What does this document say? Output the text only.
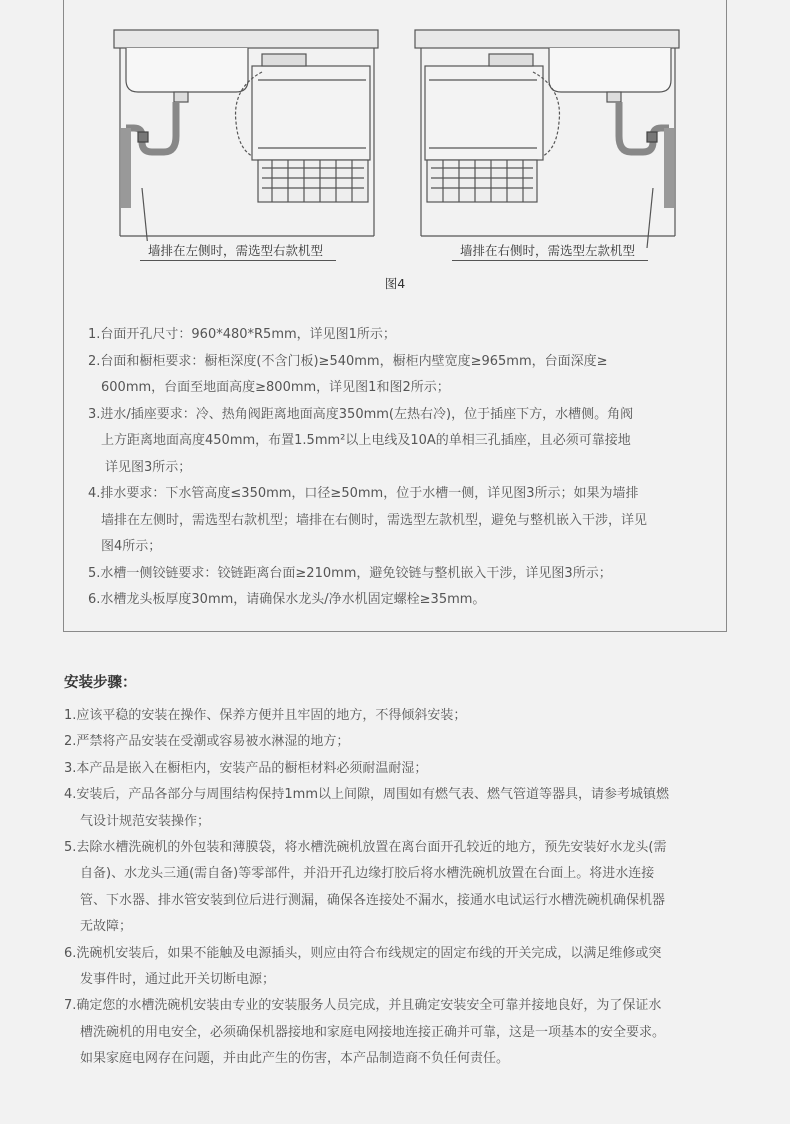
墙排在左侧时，需选型右款机型	墙排在右侧时，需选型左款机型
图4
1.台面开孔尺寸：960*480*R5mm，详见图1所示；
2.台面和橱柜要求：橱柜深度(不含门板)≥540mm，橱柜内壁宽度≥965mm，台面深度≥
600mm，台面至地面高度≥800mm，详见图1和图2所示；
3.进水/插座要求：冷、热角阀距离地面高度350mm(左热右冷)，位于插座下方，水槽侧。角阀
上方距离地面高度450mm，布置1.5mm²以上电线及10A的单相三孔插座，且必须可靠接地
详见图3所示；
4.排水要求：下水管高度≤350mm，口径≥50mm，位于水槽一侧，详见图3所示；如果为墙排
墙排在左侧时，需选型右款机型；墙排在右侧时，需选型左款机型，避免与整机嵌入干涉，详见
图4所示；
5.水槽一侧铰链要求：铰链距离台面≥210mm，避免铰链与整机嵌入干涉，详见图3所示；
6.水槽龙头板厚度30mm，请确保水龙头/净水机固定螺栓≥35mm。
安装步骤：
1.应该平稳的安装在操作、保养方便并且牢固的地方，不得倾斜安装；
2.严禁将产品安装在受潮或容易被水淋湿的地方；
3.本产品是嵌入在橱柜内，安装产品的橱柜材料必须耐温耐湿；
4.安装后，产品各部分与周围结构保持1mm以上间隙，周围如有燃气表、燃气管道等器具，请参考城镇燃
气设计规范安装操作；
5.去除水槽洗碗机的外包装和薄膜袋，将水槽洗碗机放置在离台面开孔较近的地方，预先安装好水龙头(需
自备)、水龙头三通(需自备)等零部件，并沿开孔边缘打胶后将水槽洗碗机放置在台面上。将进水连接
管、下水器、排水管安装到位后进行测漏，确保各连接处不漏水，接通水电试运行水槽洗碗机确保机器
无故障；
6.洗碗机安装后，如果不能触及电源插头，则应由符合布线规定的固定布线的开关完成，以满足维修或突
发事件时，通过此开关切断电源；
7.确定您的水槽洗碗机安装由专业的安装服务人员完成，并且确定安装安全可靠并接地良好，为了保证水
槽洗碗机的用电安全，必须确保机器接地和家庭电网接地连接正确并可靠，这是一项基本的安全要求。
如果家庭电网存在问题，并由此产生的伤害，本产品制造商不负任何责任。
